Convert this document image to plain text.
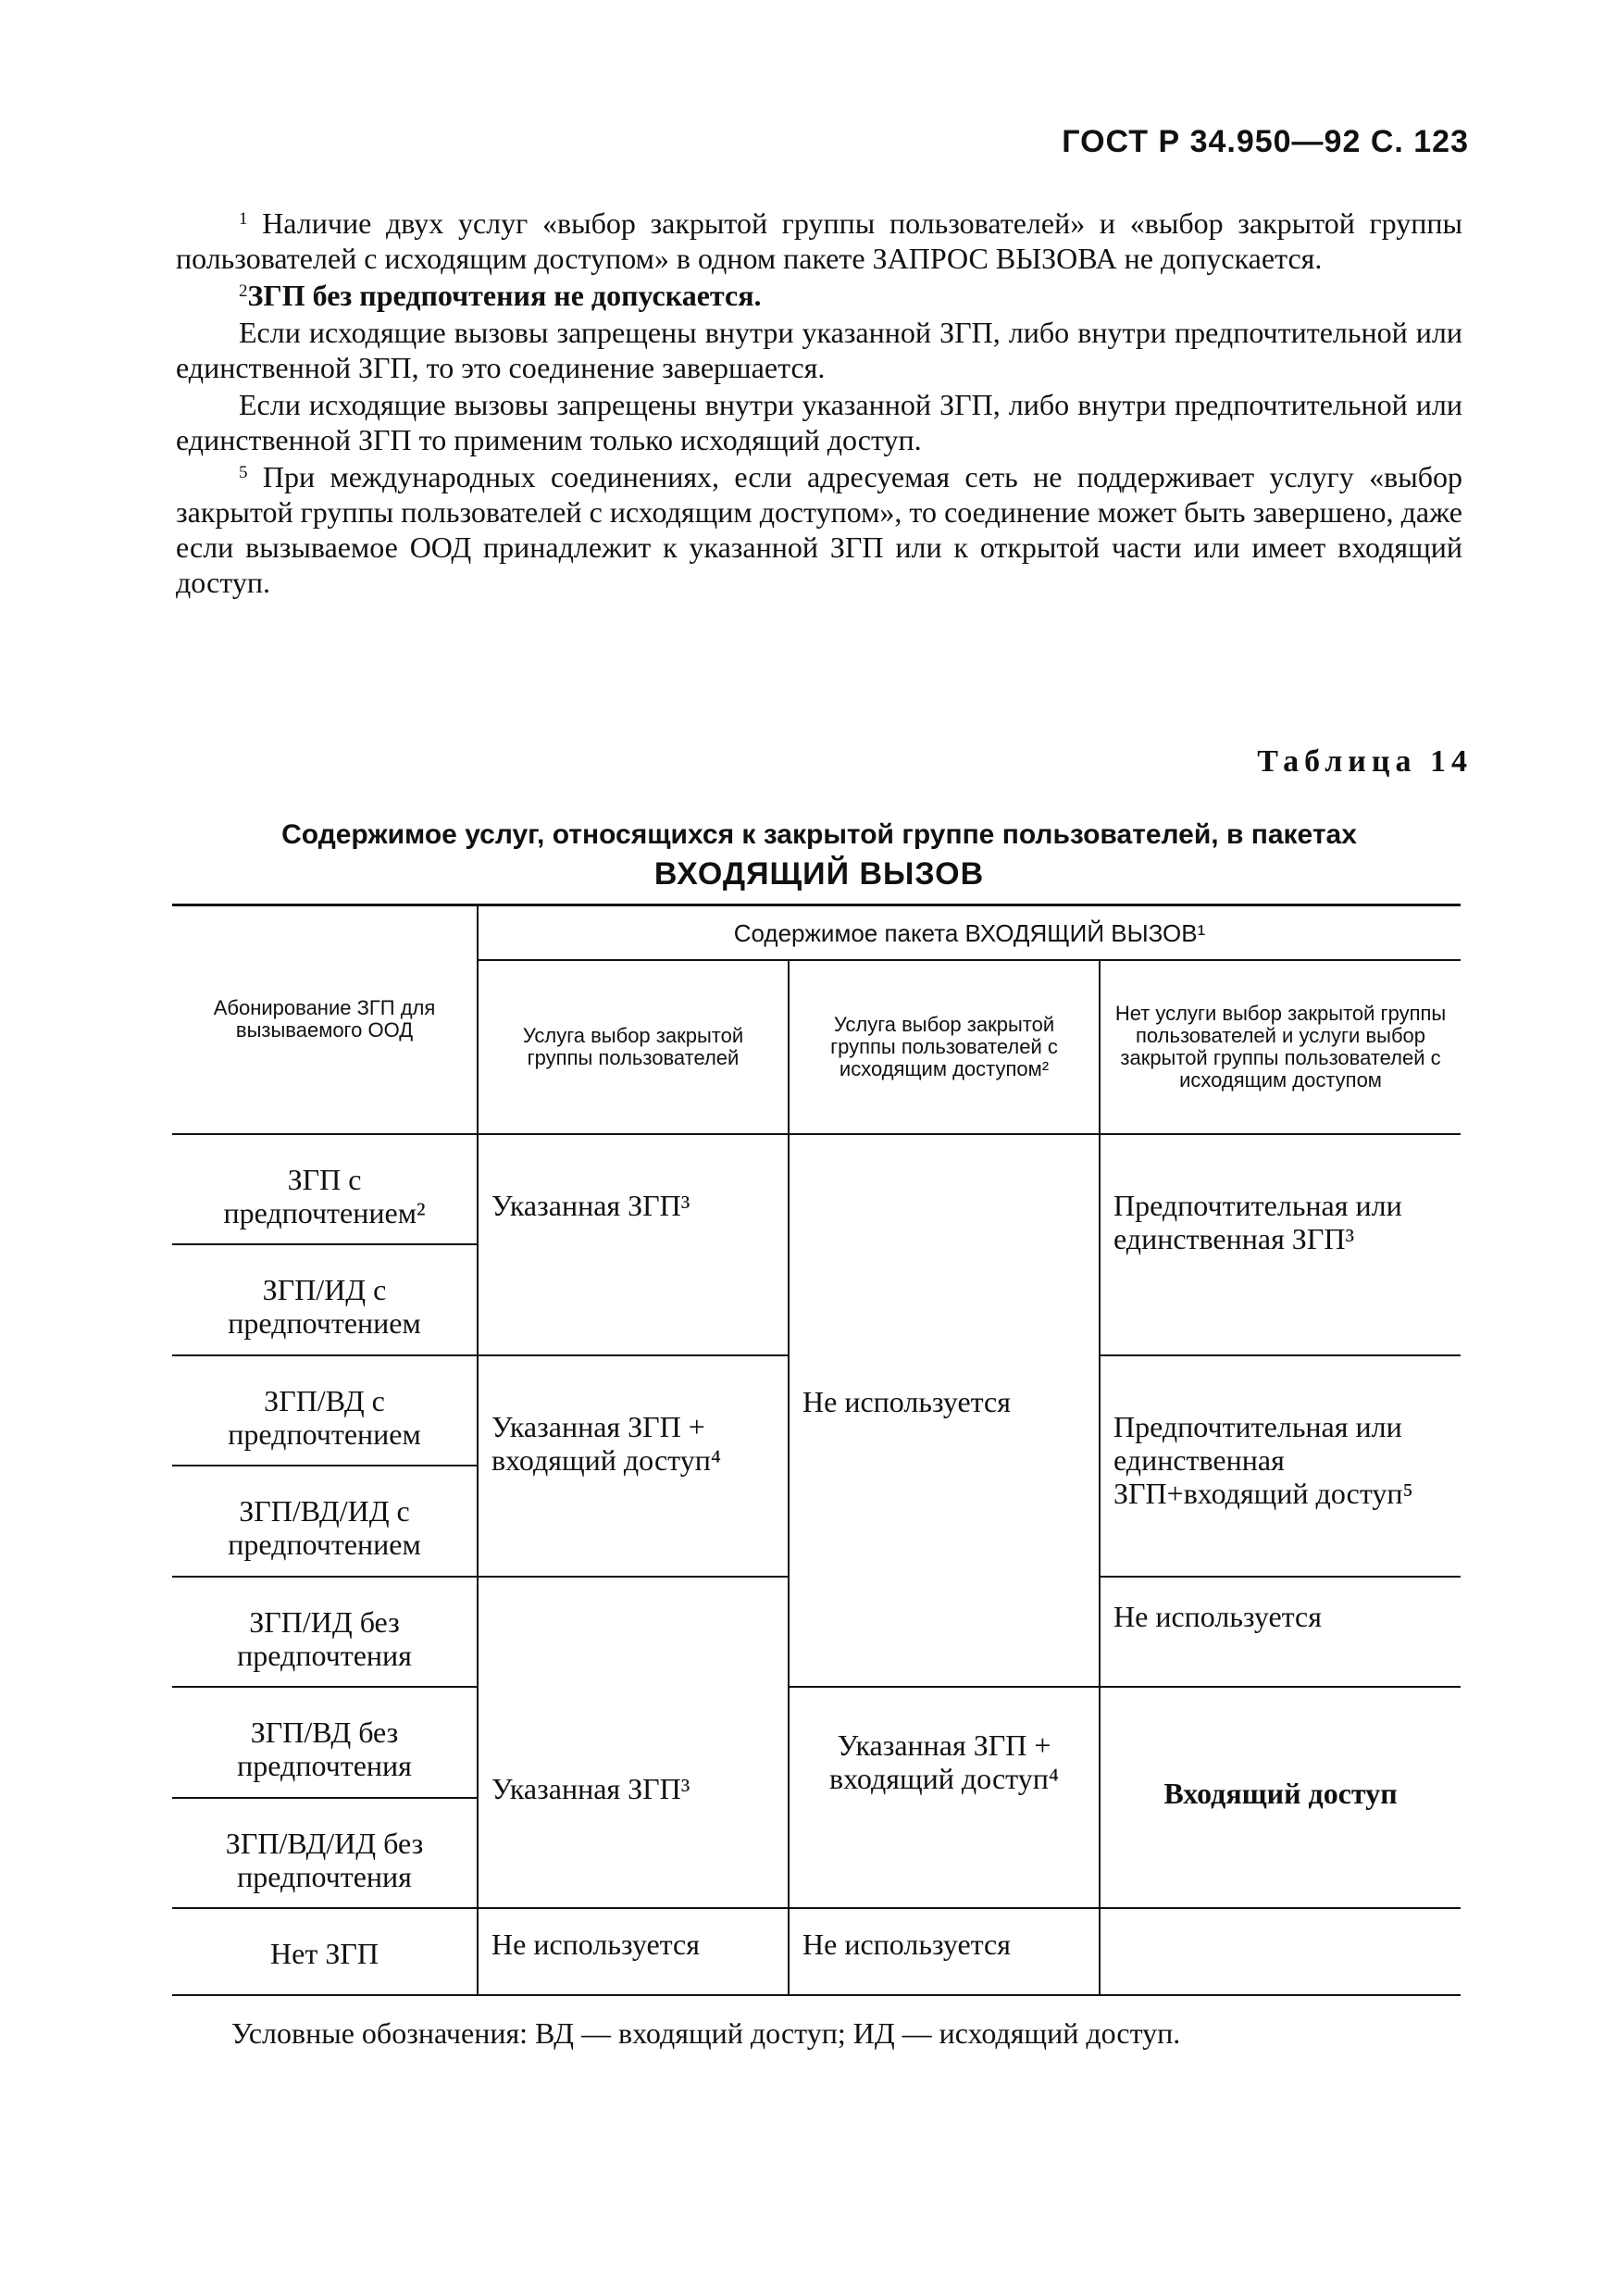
ГОСТ Р 34.950—92 С. 123

$^1$ Наличие двух услуг «выбор закрытой группы пользователей» и «выбор закрытой группы пользователей с исходящим доступом» в одном пакете ЗАПРОС ВЫЗОВА не допускается.

$^2$ЗГП без предпочтения не допускается.

Если исходящие вызовы запрещены внутри указанной ЗГП, либо внутри предпочтительной или единственной ЗГП, то это соединение завершается.

Если исходящие вызовы запрещены внутри указанной ЗГП, либо внутри предпочтительной или единственной ЗГП то применим только исходящий доступ.

$^5$ При международных соединениях, если адресуемая сеть не поддерживает услугу «выбор закрытой группы пользователей с исходящим доступом», то соединение может быть завершено, даже если вызываемое ООД принадлежит к указанной ЗГП или к открытой части или имеет входящий доступ.

Таблица 14
Содержимое услуг, относящихся к закрытой группе пользователей, в пакетах
ВХОДЯЩИЙ ВЫЗОВ
Абонирование ЗГП для вызываемого ООД	Содержимое пакета ВХОДЯЩИЙ ВЫЗОВ¹		
	Услуга выбор закрытой группы пользователей	Услуга выбор закрытой группы пользователей с исходящим доступом²	Нет услуги выбор закрытой группы пользователей и услуги выбор закрытой группы пользователей с исходящим доступом
ЗГП с предпочтением²	Указанная ЗГП³	Не используется	Предпочтительная или единственная ЗГП³
ЗГП/ИД с предпочтением			
ЗГП/ВД с предпочтением	Указанная ЗГП + входящий доступ⁴		Предпочтительная или единственная ЗГП+входящий доступ⁵
ЗГП/ВД/ИД с предпочтением			
ЗГП/ИД без предпочтения	Указанная ЗГП³		Не используется
ЗГП/ВД без предпочтения		Указанная ЗГП + входящий доступ⁴	Входящий доступ
ЗГП/ВД/ИД без предпочтения			
Нет ЗГП	Не используется	Не используется	
Условные обозначения: ВД — входящий доступ; ИД — исходящий доступ.
